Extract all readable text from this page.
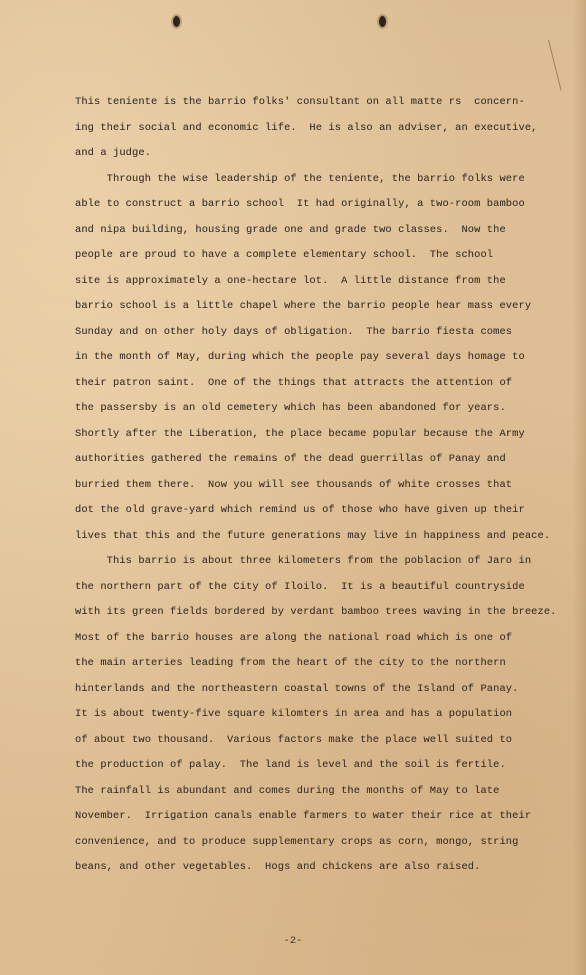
This teniente is the barrio folks' consultant on all matte rs  concern-
ing their social and economic life.  He is also an adviser, an executive,
and a judge.
Through the wise leadership of the teniente, the barrio folks were
able to construct a barrio school  It had originally, a two-room bamboo
and nipa building, housing grade one and grade two classes.  Now the
people are proud to have a complete elementary school.  The school
site is approximately a one-hectare lot.  A little distance from the
barrio school is a little chapel where the barrio people hear mass every
Sunday and on other holy days of obligation.  The barrio fiesta comes
in the month of May, during which the people pay several days homage to
their patron saint.  One of the things that attracts the attention of
the passersby is an old cemetery which has been abandoned for years.
Shortly after the Liberation, the place became popular because the Army
authorities gathered the remains of the dead guerrillas of Panay and
burried them there.  Now you will see thousands of white crosses that
dot the old grave-yard which remind us of those who have given up their
lives that this and the future generations may live in happiness and peace.
This barrio is about three kilometers from the poblacion of Jaro in
the northern part of the City of Iloilo.  It is a beautiful countryside
with its green fields bordered by verdant bamboo trees waving in the breeze.
Most of the barrio houses are along the national road which is one of
the main arteries leading from the heart of the city to the northern
hinterlands and the northeastern coastal towns of the Island of Panay.
It is about twenty-five square kilomters in area and has a population
of about two thousand.  Various factors make the place well suited to
the production of palay.  The land is level and the soil is fertile.
The rainfall is abundant and comes during the months of May to late
November.  Irrigation canals enable farmers to water their rice at their
convenience, and to produce supplementary crops as corn, mongo, string
beans, and other vegetables.  Hogs and chickens are also raised.
-2-
